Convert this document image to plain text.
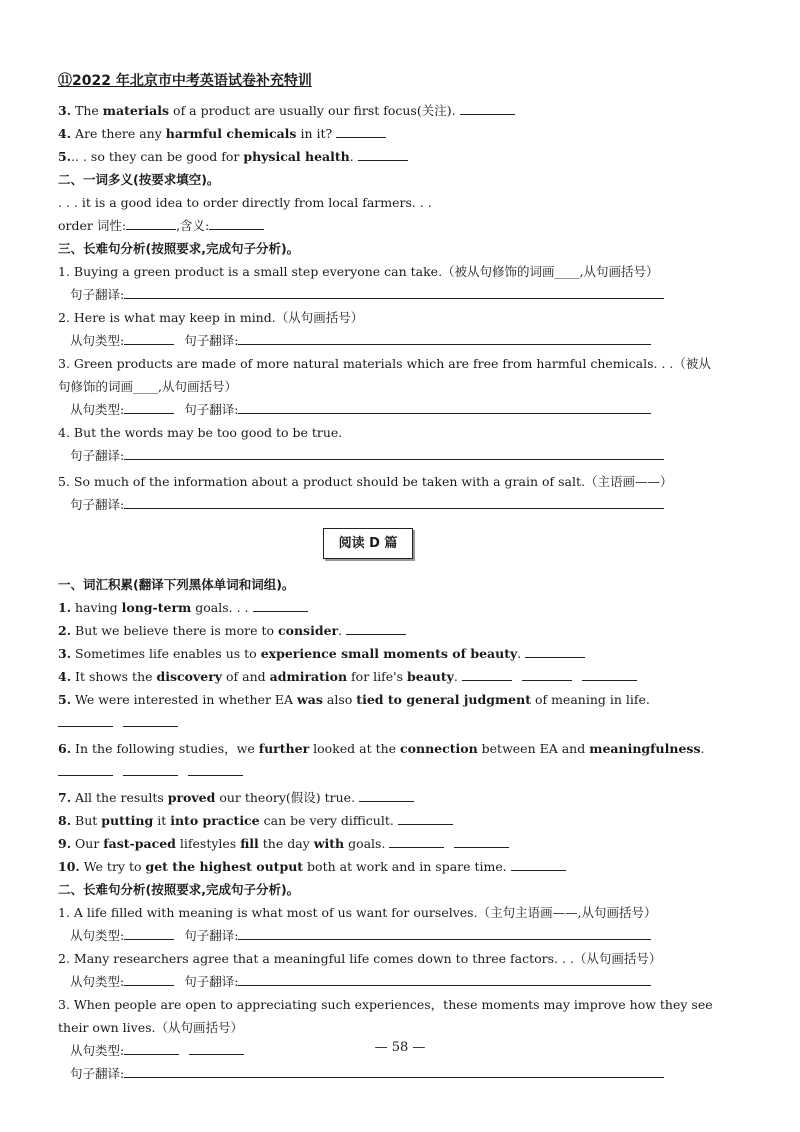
⑪2022 年北京市中考英语试卷补充特训
3. The materials of a product are usually our first focus(关注).
4. Are there any harmful chemicals in it?
5... . so they can be good for physical health.
二、一词多义(按要求填空)。
. . . it is a good idea to order directly from local farmers. . .
order 词性:	,含义:
三、长难句分析(按照要求,完成句子分析)。
1. Buying a green product is a small step everyone can take.（被从句修饰的词画____,从句画括号）
句子翻译:
2. Here is what may keep in mind.（从句画括号）
从句类型:	句子翻译:
3. Green products are made of more natural materials which are free from harmful chemicals. . .（被从
句修饰的词画____,从句画括号）
从句类型:	句子翻译:
4. But the words may be too good to be true.
句子翻译:
5. So much of the information about a product should be taken with a grain of salt.（主语画——）
句子翻译:
阅读 D 篇
一、词汇积累(翻译下列黑体单词和词组)。
1. having long-term goals. . .
2. But we believe there is more to consider.
3. Sometimes life enables us to experience small moments of beauty.
4. It shows the discovery of and admiration for life's beauty.
5. We were interested in whether EA was also tied to general judgment of meaning in life.
6. In the following studies，we further looked at the connection between EA and meaningfulness.
7. All the results proved our theory(假设) true.
8. But putting it into practice can be very difficult.
9. Our fast-paced lifestyles fill the day with goals.
10. We try to get the highest output both at work and in spare time.
二、长难句分析(按照要求,完成句子分析)。
1. A life filled with meaning is what most of us want for ourselves.（主句主语画——,从句画括号）
从句类型:	句子翻译:
2. Many researchers agree that a meaningful life comes down to three factors. . .（从句画括号）
从句类型:	句子翻译:
3. When people are open to appreciating such experiences，these moments may improve how they see
their own lives.（从句画括号）
从句类型:
句子翻译:
— 58 —
